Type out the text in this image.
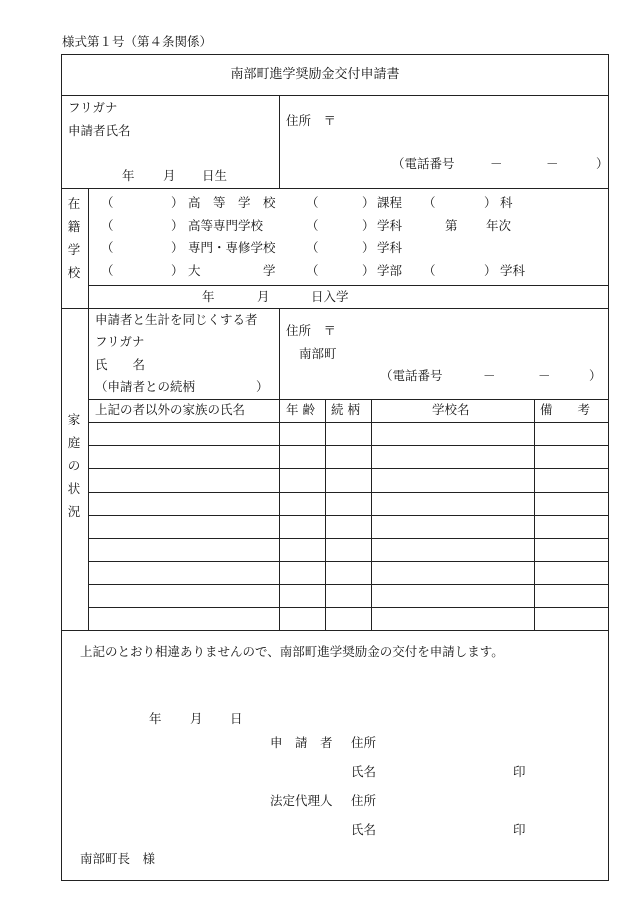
様式第１号（第４条関係）
南部町進学奨励金交付申請書
フリガナ
申請者氏名
年 月 日生
住所　〒
（電話番号	－	－	）
在
籍
学
校
（	） 高　等　学　校 （	） 課程 （	） 科
（	） 高等専門学校	（	） 学科	第 年次
（	） 専門・専修学校 （	） 学科
（	） 大　　　　　学 （	） 学部 （	） 学科
年	月	日入学
家
庭
の
状
況
申請者と生計を同じくする者
フリガナ
氏　　名
（申請者との続柄	）
住所　〒
南部町
（電話番号	－	－	）
上記の者以外の家族の氏名	年 齢 続 柄	学校名	備　　考
上記のとおり相違ありませんので、南部町進学奨励金の交付を申請します。
年 月 日
申　請　者 住所
氏名	印
法定代理人 住所
氏名	印
南部町長　様
